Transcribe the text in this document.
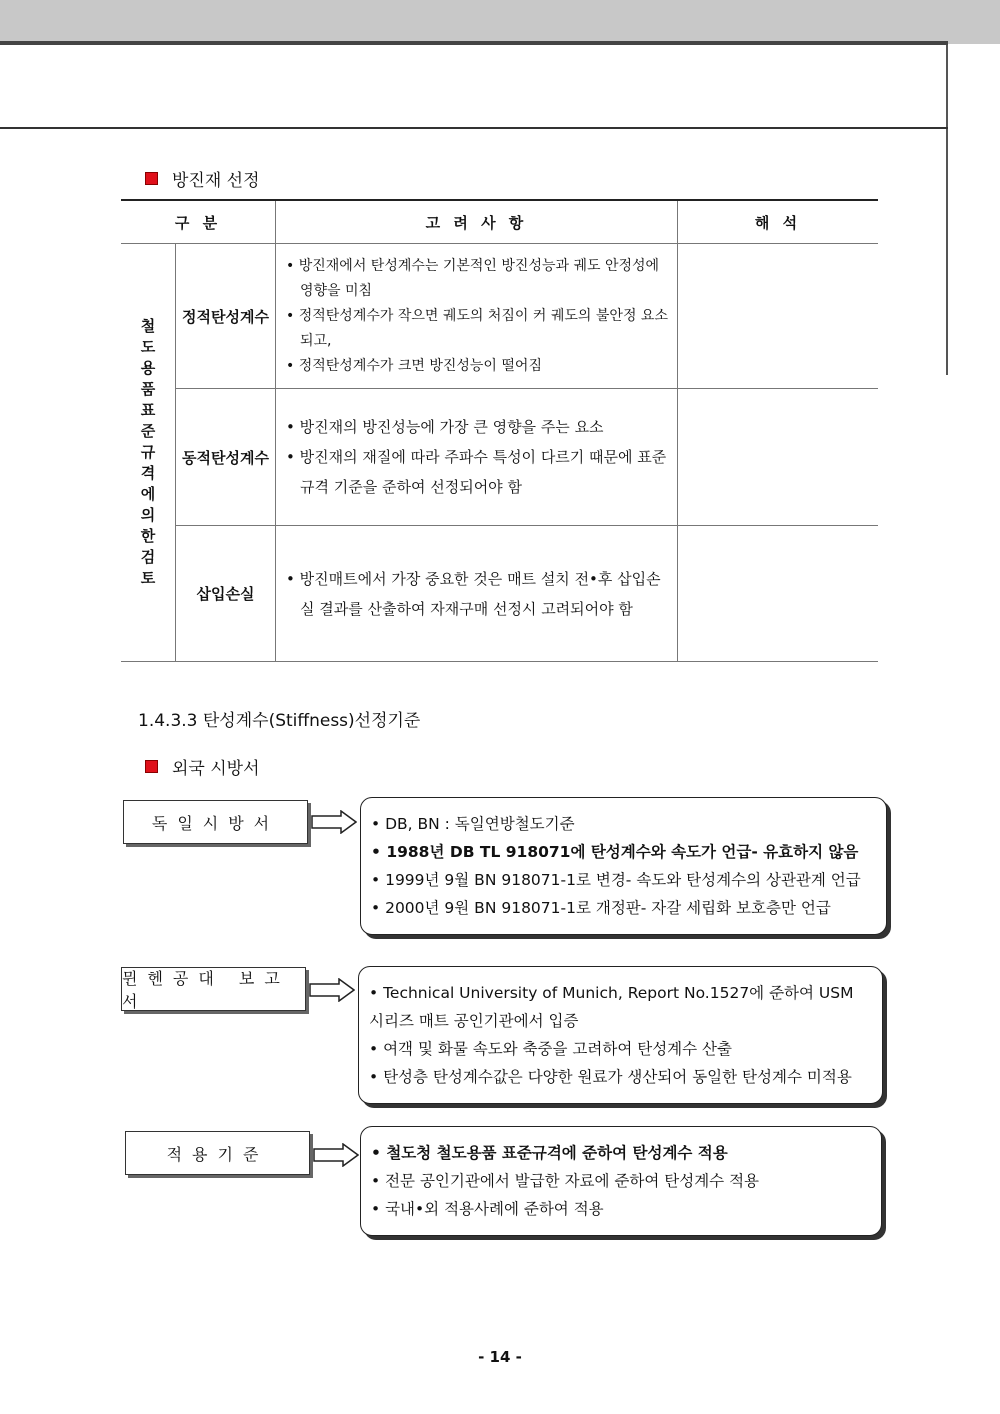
방진재 선정
구 분		고 려 사 항	해 석

철도용품 표준규격에 의한 검토	정적탄성계수	• 방진재에서 탄성계수는 기본적인 방진성능과 궤도 안정성에 영향을 미침

• 정적탄성계수가 작으면 궤도의 처짐이 커 궤도의 불안정 요소되고,

• 정적탄성계수가 크면 방진성능이 떨어짐	

	동적탄성계수	• 방진재의 방진성능에 가장 큰 영향을 주는 요소

• 방진재의 재질에 따라 주파수 특성이 다르기 때문에 표준규격 기준을 준하여 선정되어야 함	

	삽입손실	• 방진매트에서 가장 중요한 것은 매트 설치 전•후 삽입손실 결과를 산출하여 자재구매 선정시 고려되어야 함	

1.4.3.3 탄성계수(Stiffness)선정기준
외국 시방서
독일시방서	• DB, BN : 독일연방철도기준

• 1988년 DB TL 918071에 탄성계수와 속도가 언급- 유효하지 않음

• 1999년 9월 BN 918071-1로 변경- 속도와 탄성계수의 상관관계 언급

• 2000년 9원 BN 918071-1로 개정판- 자갈 세립화 보호층만 언급

뮌헨공대 보고서	• Technical University of Munich, Report No.1527에 준하여 USM 시리즈 매트 공인기관에서 입증

• 여객 및 화물 속도와 축중을 고려하여 탄성계수 산출

• 탄성층 탄성계수값은 다양한 원료가 생산되어 동일한 탄성계수 미적용

적용기준	• 철도청 철도용품 표준규격에 준하여 탄성계수 적용

• 전문 공인기관에서 발급한 자료에 준하여 탄성계수 적용

• 국내•외 적용사례에 준하여 적용

- 14 -
